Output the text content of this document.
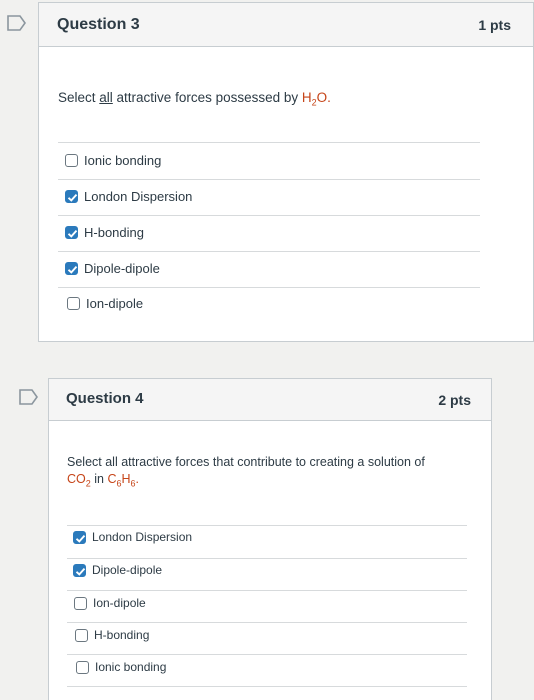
Question 3	1 pts
Select all attractive forces possessed by $H_2O$.
Ionic bonding
London Dispersion
H-bonding
Dipole-dipole
Ion-dipole
Question 4	2 pts
Select all attractive forces that contribute to creating a solution of
$CO_2$ in $C_6H_6$.
London Dispersion
Dipole-dipole
Ion-dipole
H-bonding
Ionic bonding
